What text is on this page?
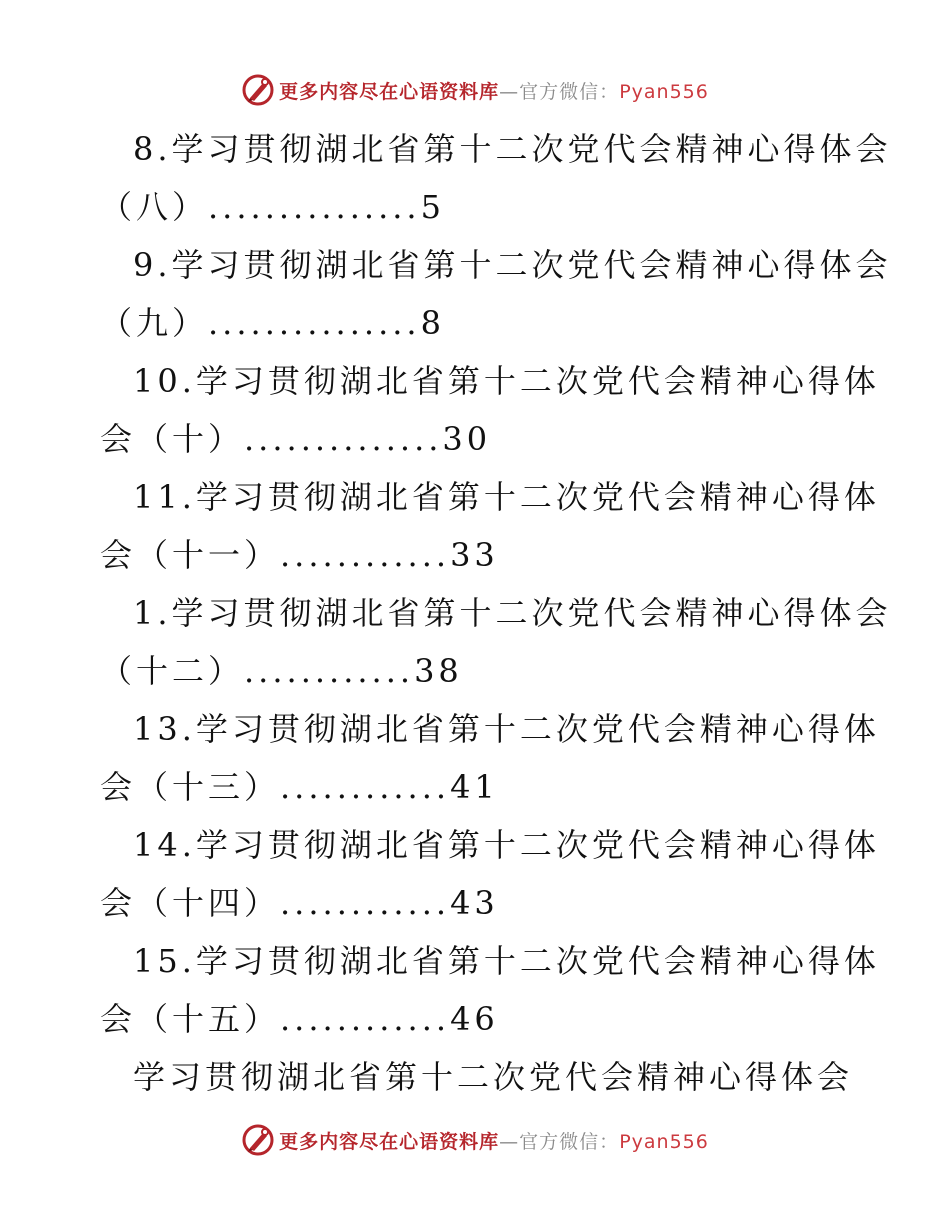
更多内容尽在心语资料库—官方微信：Pyan556
8.学习贯彻湖北省第十二次党代会精神心得体会
（八）...............5
9.学习贯彻湖北省第十二次党代会精神心得体会
（九）...............8
10.学习贯彻湖北省第十二次党代会精神心得体
会（十）..............30
11.学习贯彻湖北省第十二次党代会精神心得体
会（十一）............33
1.学习贯彻湖北省第十二次党代会精神心得体会
（十二）............38
13.学习贯彻湖北省第十二次党代会精神心得体
会（十三）............41
14.学习贯彻湖北省第十二次党代会精神心得体
会（十四）............43
15.学习贯彻湖北省第十二次党代会精神心得体
会（十五）............46
学习贯彻湖北省第十二次党代会精神心得体会
更多内容尽在心语资料库—官方微信：Pyan556
